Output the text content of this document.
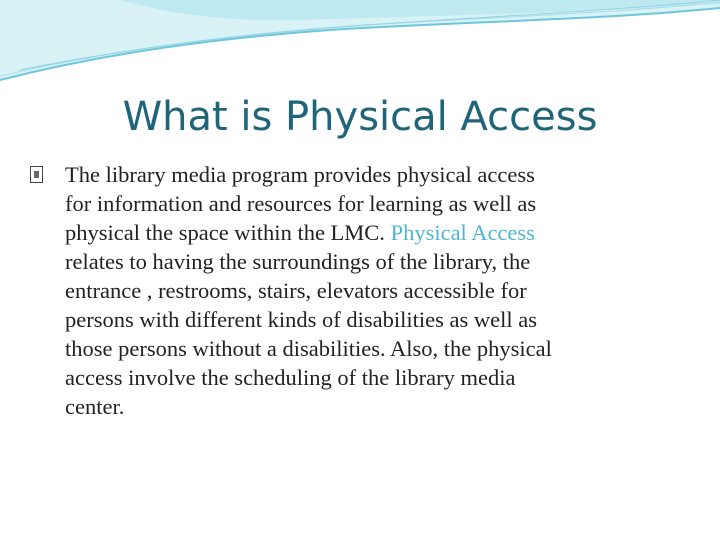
What is Physical Access

The library media program provides physical access
for information and resources for learning as well as
physical the space within the LMC. Physical Access
relates to having the surroundings of the library, the
entrance , restrooms, stairs, elevators accessible for
persons with different kinds of disabilities as well as
those persons without a disabilities. Also, the physical
access involve the scheduling of the library media
center.
